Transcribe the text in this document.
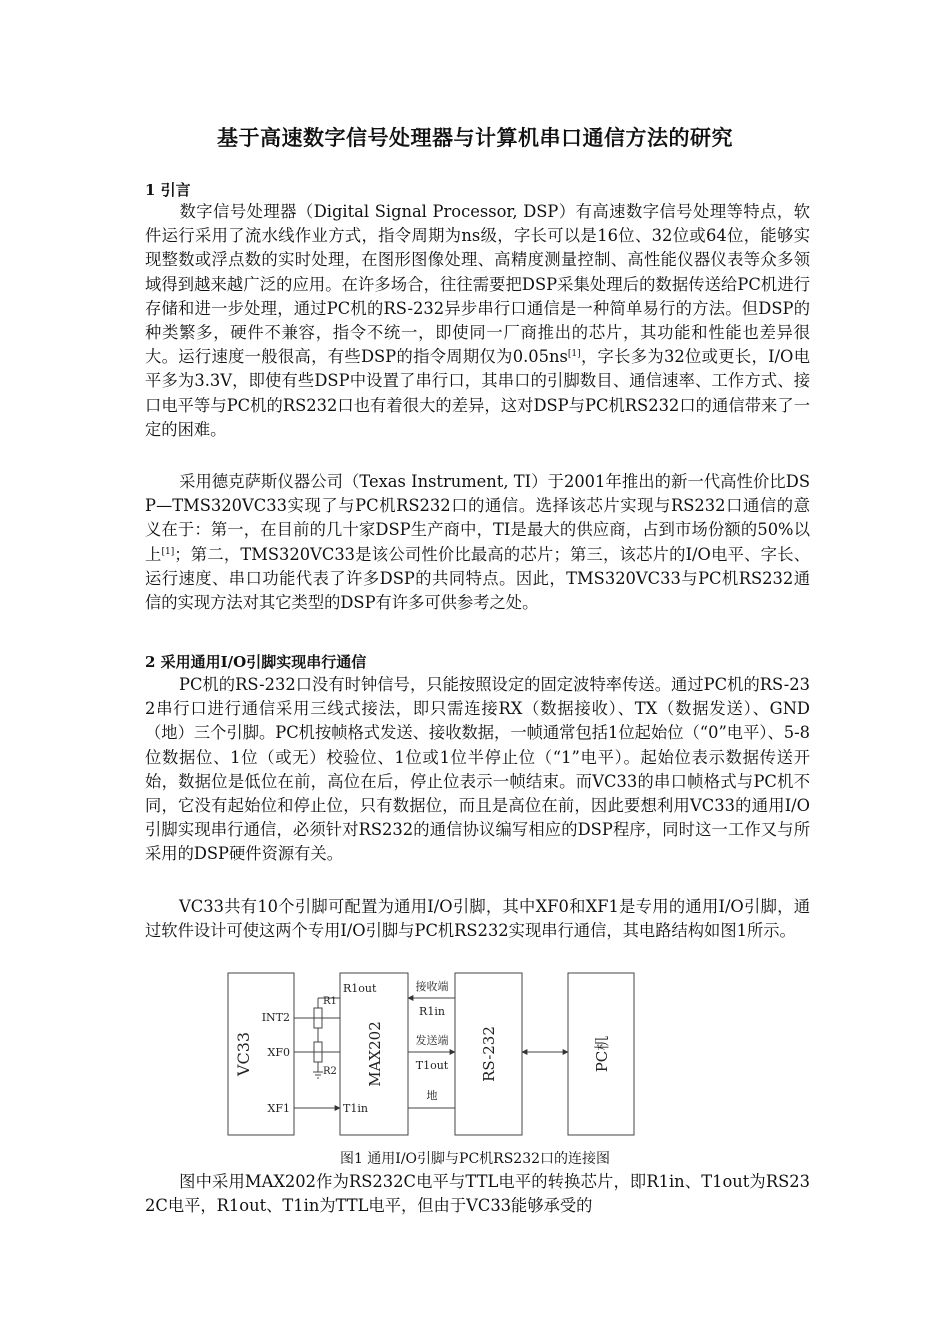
基于高速数字信号处理器与计算机串口通信方法的研究
1 引言
数字信号处理器（Digital Signal Processor, DSP）有高速数字信号处理等特点，软件运行采用了流水线作业方式，指令周期为ns级，字长可以是16位、32位或64位，能够实现整数或浮点数的实时处理，在图形图像处理、高精度测量控制、高性能仪器仪表等众多领域得到越来越广泛的应用。在许多场合，往往需要把DSP采集处理后的数据传送给PC机进行存储和进一步处理，通过PC机的RS-232异步串行口通信是一种简单易行的方法。但DSP的种类繁多，硬件不兼容，指令不统一，即使同一厂商推出的芯片，其功能和性能也差异很大。运行速度一般很高，有些DSP的指令周期仅为0.05ns[1]，字长多为32位或更长，I/O电平多为3.3V，即使有些DSP中设置了串行口，其串口的引脚数目、通信速率、工作方式、接口电平等与PC机的RS232口也有着很大的差异，这对DSP与PC机RS232口的通信带来了一定的困难。
采用德克萨斯仪器公司（Texas Instrument, TI）于2001年推出的新一代高性价比DSP—TMS320VC33实现了与PC机RS232口的通信。选择该芯片实现与RS232口通信的意义在于：第一，在目前的几十家DSP生产商中，TI是最大的供应商，占到市场份额的50%以上[1]；第二，TMS320VC33是该公司性价比最高的芯片；第三，该芯片的I/O电平、字长、运行速度、串口功能代表了许多DSP的共同特点。因此，TMS320VC33与PC机RS232通信的实现方法对其它类型的DSP有许多可供参考之处。
2 采用通用I/O引脚实现串行通信
PC机的RS-232口没有时钟信号，只能按照设定的固定波特率传送。通过PC机的RS-232串行口进行通信采用三线式接法，即只需连接RX（数据接收）、TX（数据发送）、GND（地）三个引脚。PC机按帧格式发送、接收数据，一帧通常包括1位起始位（“0”电平）、5-8位数据位、1位（或无）校验位、1位或1位半停止位（“1”电平）。起始位表示数据传送开始，数据位是低位在前，高位在后，停止位表示一帧结束。而VC33的串口帧格式与PC机不同，它没有起始位和停止位，只有数据位，而且是高位在前，因此要想利用VC33的通用I/O引脚实现串行通信，必须针对RS232的通信协议编写相应的DSP程序，同时这一工作又与所采用的DSP硬件资源有关。
VC33共有10个引脚可配置为通用I/O引脚，其中XF0和XF1是专用的通用I/O引脚，通过软件设计可使这两个专用I/O引脚与PC机RS232实现串行通信，其电路结构如图1所示。
VC33
INT2
XF0
XF1
R1
R2 MAX202
R1out
T1in
接收端
R1in
发送端
T1out
地
RS-232	PC机
图1 通用I/O引脚与PC机RS232口的连接图
图中采用MAX202作为RS232C电平与TTL电平的转换芯片，即R1in、T1out为RS232C电平，R1out、T1in为TTL电平，但由于VC33能够承受的
